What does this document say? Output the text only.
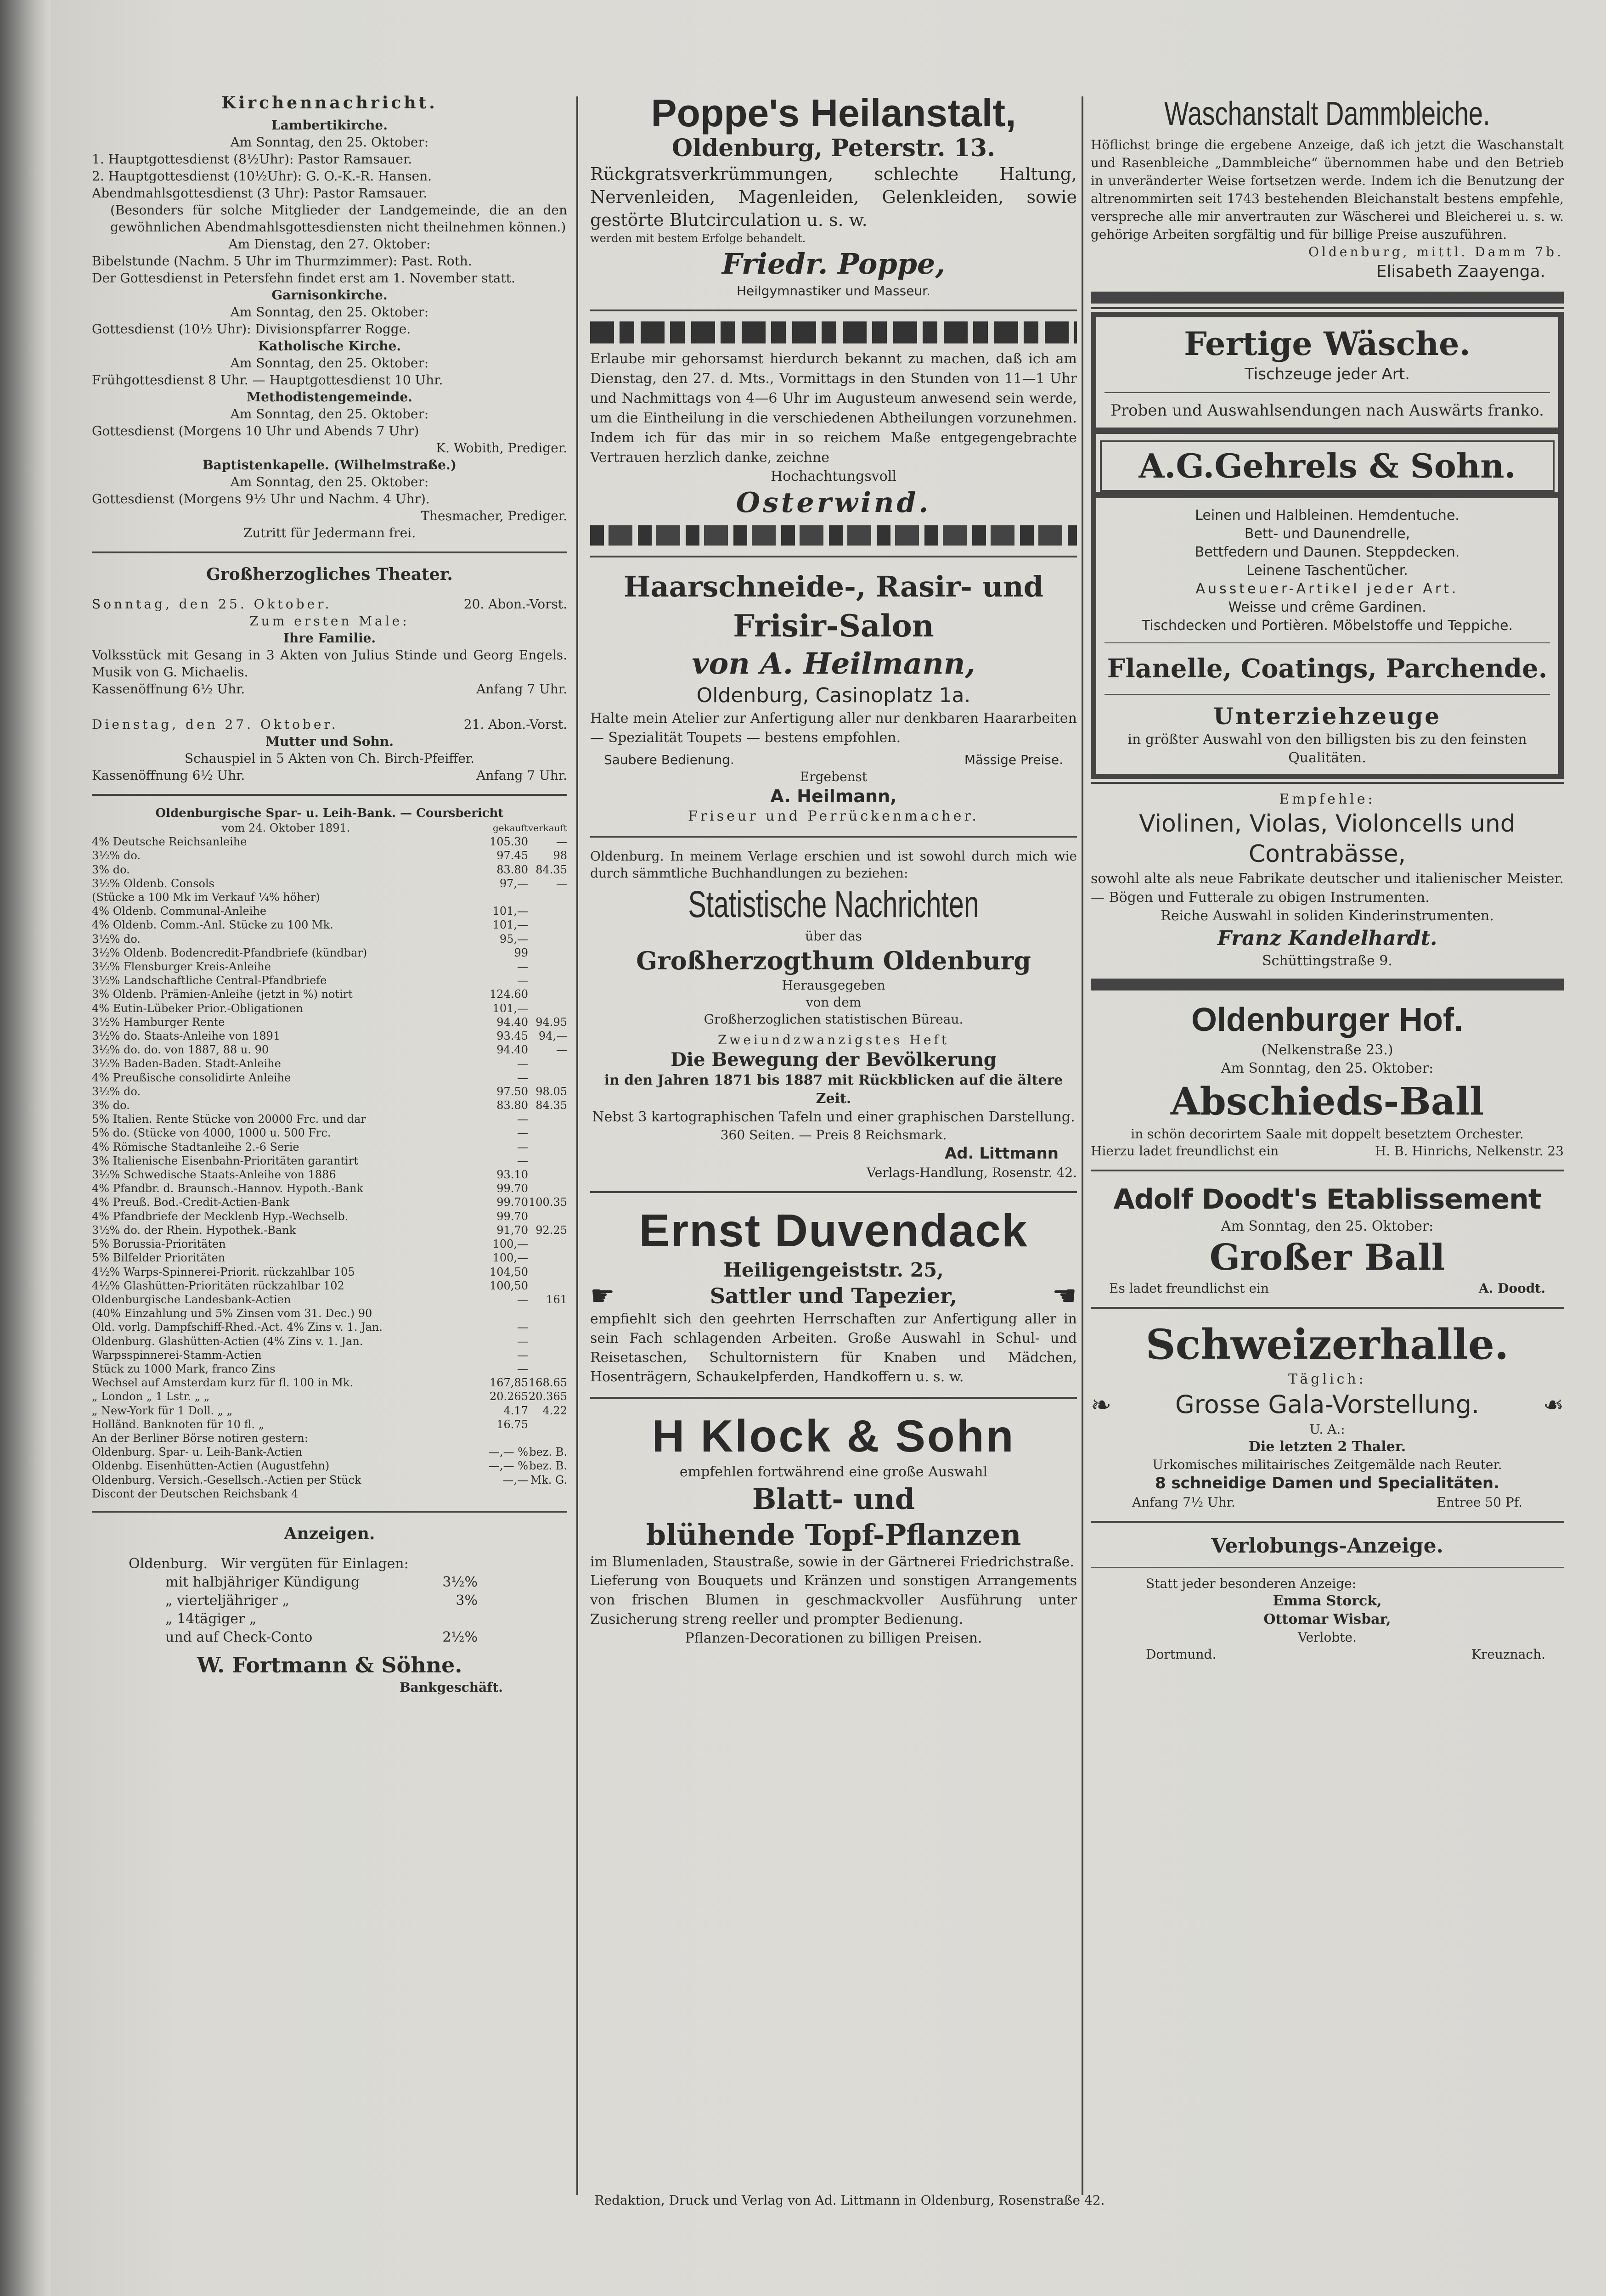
Kirchennachricht.

Lambertikirche.

Am Sonntag, den 25. Oktober:

1. Hauptgottesdienst (8½Uhr): Pastor Ramsauer.

2. Hauptgottesdienst (10½Uhr): G. O.-K.-R. Hansen.

Abendmahlsgottesdienst (3 Uhr): Pastor Ramsauer.

(Besonders für solche Mitglieder der Landgemeinde, die an den gewöhnlichen Abendmahlsgottesdiensten nicht theilnehmen können.)

Am Dienstag, den 27. Oktober:

Bibelstunde (Nachm. 5 Uhr im Thurmzimmer): Past. Roth.

Der Gottesdienst in Petersfehn findet erst am 1. November statt.

Garnisonkirche.

Am Sonntag, den 25. Oktober:

Gottesdienst (10½ Uhr): Divisionspfarrer Rogge.

Katholische Kirche.

Am Sonntag, den 25. Oktober:

Frühgottesdienst 8 Uhr. — Hauptgottesdienst 10 Uhr.

Methodistengemeinde.

Am Sonntag, den 25. Oktober:

Gottesdienst (Morgens 10 Uhr und Abends 7 Uhr)

K. Wobith, Prediger.

Baptistenkapelle. (Wilhelmstraße.)

Am Sonntag, den 25. Oktober:

Gottesdienst (Morgens 9½ Uhr und Nachm. 4 Uhr).

Thesmacher, Prediger.

Zutritt für Jedermann frei.

Großherzogliches Theater.

Sonntag, den 25. Oktober.	20. Abon.-Vorst.

Zum ersten Male:

Ihre Familie.

Volksstück mit Gesang in 3 Akten von Julius Stinde und Georg Engels. Musik von G. Michaelis.

Kassenöffnung 6½ Uhr.	Anfang 7 Uhr.
Dienstag, den 27. Oktober.	21. Abon.-Vorst.

Mutter und Sohn.

Schauspiel in 5 Akten von Ch. Birch-Pfeiffer.

Kassenöffnung 6½ Uhr.	Anfang 7 Uhr.

Oldenburgische Spar- u. Leih-Bank. — Coursbericht

vom 24. Oktober 1891.	gekauft verkauft
4% Deutsche Reichsanleihe	105.30	—
3½% do.	97.45	98
3% do.	83.80 84.35
3½% Oldenb. Consols	97,—	—
(Stücke a 100 Mk im Verkauf ¼% höher)
4% Oldenb. Communal-Anleihe	101,—
4% Oldenb. Comm.-Anl. Stücke zu 100 Mk.	101,—
3½% do.	95,—
3½% Oldenb. Bodencredit-Pfandbriefe (kündbar)	99
3½% Flensburger Kreis-Anleihe	—
3½% Landschaftliche Central-Pfandbriefe	—
3% Oldenb. Prämien-Anleihe (jetzt in %) notirt	124.60
4% Eutin-Lübeker Prior.-Obligationen	101,—
3½% Hamburger Rente	94.40 94.95
3½% do. Staats-Anleihe von 1891	93.45 94,—
3½% do. do. von 1887, 88 u. 90	94.40	—
3½% Baden-Baden. Stadt-Anleihe	—
4% Preußische consolidirte Anleihe	—
3½% do.	97.50 98.05
3% do.	83.80 84.35
5% Italien. Rente Stücke von 20000 Frc. und dar	—
5% do. (Stücke von 4000, 1000 u. 500 Frc.	—
4% Römische Stadtanleihe 2.-6 Serie	—
3% Italienische Eisenbahn-Prioritäten garantirt	—
3½% Schwedische Staats-Anleihe von 1886	93.10
4% Pfandbr. d. Braunsch.-Hannov. Hypoth.-Bank	99.70
4% Preuß. Bod.-Credit-Actien-Bank	99.70 100.35
4% Pfandbriefe der Mecklenb Hyp.-Wechselb.	99.70
3½% do. der Rhein. Hypothek.-Bank	91,70 92.25
5% Borussia-Prioritäten	100,—
5% Bilfelder Prioritäten	100,—
4½% Warps-Spinnerei-Priorit. rückzahlbar 105	104,50
4½% Glashütten-Prioritäten rückzahlbar 102	100,50
Oldenburgische Landesbank-Actien	—	161
(40% Einzahlung und 5% Zinsen vom 31. Dec.) 90
Old. vorlg. Dampfschiff-Rhed.-Act. 4% Zins v. 1. Jan.	—
Oldenburg. Glashütten-Actien (4% Zins v. 1. Jan.	—
Warpsspinnerei-Stamm-Actien	—
Stück zu 1000 Mark, franco Zins	—
Wechsel auf Amsterdam kurz für fl. 100 in Mk.	167,85 168.65
„ London „ 1 Lstr. „ „	20.265 20.365
„ New-York für 1 Doll. „ „	4.17	4.22
Holländ. Banknoten für 10 fl. „	16.75
An der Berliner Börse notiren gestern:
Oldenburg. Spar- u. Leih-Bank-Actien	—,— % bez. B.
Oldenbg. Eisenhütten-Actien (Augustfehn)	—,— % bez. B.
Oldenburg. Versich.-Gesellsch.-Actien per Stück	—,— Mk. G.
Discont der Deutschen Reichsbank 4

Anzeigen.

Oldenburg. Wir vergüten für Einlagen:

mit halbjähriger Kündigung	3½%
„ vierteljähriger „	3%
„ 14tägiger „
und auf Check-Conto	2½%

W. Fortmann & Söhne.

Bankgeschäft.

Poppe's Heilanstalt,

Oldenburg, Peterstr. 13.

Rückgratsverkrümmungen, schlechte Haltung, Nervenleiden, Magenleiden, Gelenkleiden, sowie gestörte Blutcirculation u. s. w.

werden mit bestem Erfolge behandelt.

Friedr. Poppe,

Heilgymnastiker und Masseur.

Erlaube mir gehorsamst hierdurch bekannt zu machen, daß ich am Dienstag, den 27. d. Mts., Vormittags in den Stunden von 11—1 Uhr und Nachmittags von 4—6 Uhr im Augusteum anwesend sein werde, um die Eintheilung in die verschiedenen Abtheilungen vorzunehmen. Indem ich für das mir in so reichem Maße entgegengebrachte Vertrauen herzlich danke, zeichne

Hochachtungsvoll

Osterwind.

Haarschneide-, Rasir- und

Frisir-Salon

von A. Heilmann,

Oldenburg, Casinoplatz 1a.

Halte mein Atelier zur Anfertigung aller nur denkbaren Haararbeiten — Spezialität Toupets — bestens empfohlen.

Saubere Bedienung.	Mässige Preise.

Ergebenst

A. Heilmann,

Friseur und Perrückenmacher.

Oldenburg. In meinem Verlage erschien und ist sowohl durch mich wie durch sämmtliche Buchhandlungen zu beziehen:

Statistische Nachrichten

über das

Großherzogthum Oldenburg

Herausgegeben von dem

Großherzoglichen statistischen Büreau.

Zweiundzwanzigstes Heft

Die Bewegung der Bevölkerung

in den Jahren 1871 bis 1887 mit Rückblicken auf die ältere Zeit.

Nebst 3 kartographischen Tafeln und einer graphischen Darstellung.

360 Seiten. — Preis 8 Reichsmark.

Ad. Littmann

Verlags-Handlung, Rosenstr. 42.

Ernst Duvendack

Heiligengeiststr. 25,

☛	Sattler und Tapezier,	☛

empfiehlt sich den geehrten Herrschaften zur Anfertigung aller in sein Fach schlagenden Arbeiten. Große Auswahl in Schul- und Reisetaschen, Schultornistern für Knaben und Mädchen, Hosenträgern, Schaukelpferden, Handkoffern u. s. w.

H Klock & Sohn

empfehlen fortwährend eine große Auswahl

Blatt- und

blühende Topf-Pflanzen

im Blumenladen, Staustraße, sowie in der Gärtnerei Friedrichstraße.

Lieferung von Bouquets und Kränzen und sonstigen Arrangements von frischen Blumen in geschmackvoller Ausführung unter Zusicherung streng reeller und prompter Bedienung.

Pflanzen-Decorationen zu billigen Preisen.

Waschanstalt Dammbleiche.

Höflichst bringe die ergebene Anzeige, daß ich jetzt die Waschanstalt und Rasenbleiche „Dammbleiche“ übernommen habe und den Betrieb in unveränderter Weise fortsetzen werde. Indem ich die Benutzung der altrenommirten seit 1743 bestehenden Bleichanstalt bestens empfehle, verspreche alle mir anvertrauten zur Wäscherei und Bleicherei u. s. w. gehörige Arbeiten sorgfältig und für billige Preise auszuführen.

Oldenburg, mittl. Damm 7b.

Elisabeth Zaayenga.

Fertige Wäsche.

Tischzeuge jeder Art.

Proben und Auswahlsendungen nach Auswärts franko.

A.G.Gehrels & Sohn.

Leinen und Halbleinen. Hemdentuche.

Bett- und Daunendrelle,

Bettfedern und Daunen. Steppdecken.

Leinene Taschentücher.

Aussteuer-Artikel jeder Art.

Weisse und crême Gardinen.

Tischdecken und Portièren. Möbelstoffe und Teppiche.

Flanelle, Coatings, Parchende.

Unterziehzeuge

in größter Auswahl von den billigsten bis zu den feinsten Qualitäten.

Empfehle:

Violinen, Violas, Violoncells und Contrabässe,

sowohl alte als neue Fabrikate deutscher und italienischer Meister. — Bögen und Futterale zu obigen Instrumenten.

Reiche Auswahl in soliden Kinderinstrumenten.

Franz Kandelhardt.

Schüttingstraße 9.

Oldenburger Hof.

(Nelkenstraße 23.)

Am Sonntag, den 25. Oktober:

Abschieds-Ball

in schön decorirtem Saale mit doppelt besetztem Orchester.

Hierzu ladet freundlichst ein	H. B. Hinrichs, Nelkenstr. 23

Adolf Doodt's Etablissement

Am Sonntag, den 25. Oktober:

Großer Ball

Es ladet freundlichst ein	A. Doodt.

Schweizerhalle.

Täglich:

❧	Grosse Gala-Vorstellung.	❧

U. A.:

Die letzten 2 Thaler.

Urkomisches militairisches Zeitgemälde nach Reuter.

8 schneidige Damen und Specialitäten.

Anfang 7½ Uhr.	Entree 50 Pf.

Verlobungs-Anzeige.

Statt jeder besonderen Anzeige:

Emma Storck,

Ottomar Wisbar,

Verlobte.

Dortmund.	Kreuznach.
Redaktion, Druck und Verlag von Ad. Littmann in Oldenburg, Rosenstraße 42.
